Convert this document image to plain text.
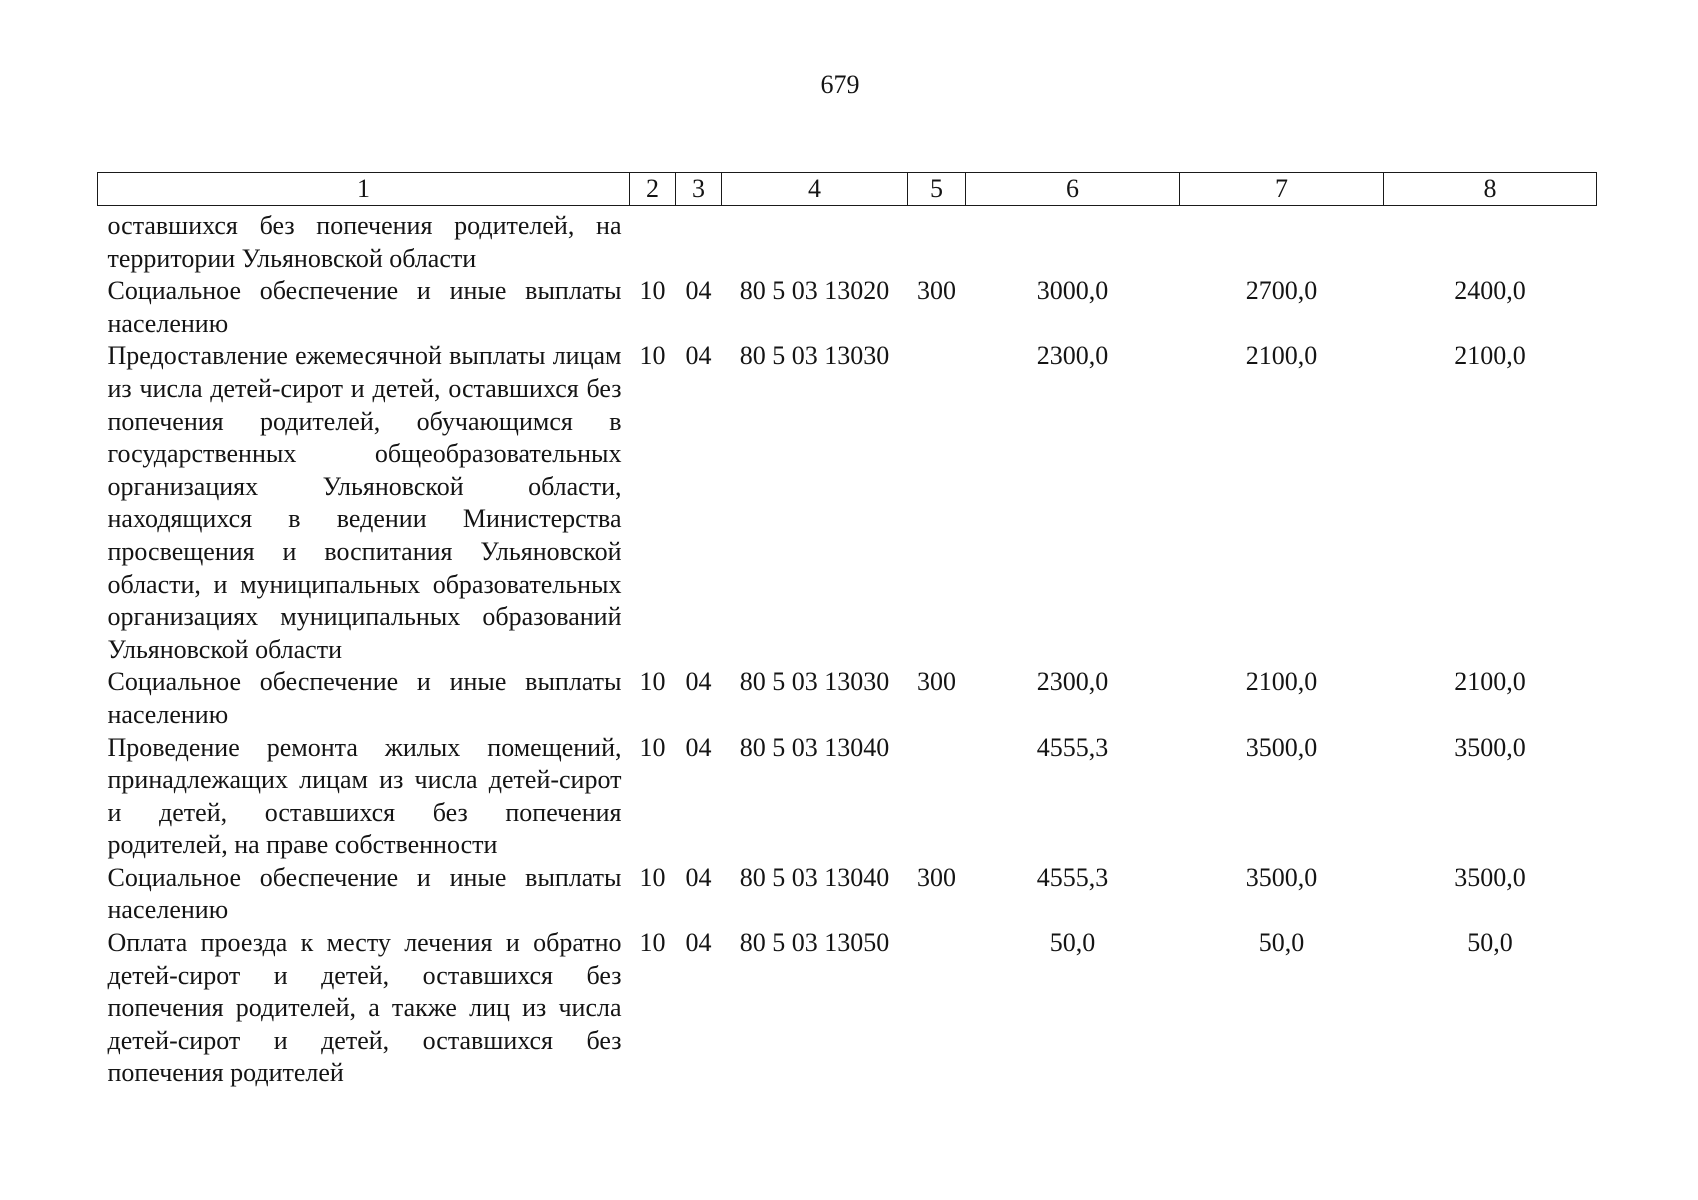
679
1	2	3	4	5	6	7	8
оставшихся без попечения родителей, на территории Ульяновской области							
Социальное обеспечение и иные выплаты населению	10	04	80 5 03 13020	300	3000,0	2700,0	2400,0
Предоставление ежемесячной выплаты лицам из числа детей-сирот и детей, оставшихся без попечения родителей, обучающимся в государственных общеобразовательных организациях Ульяновской области, находящихся в ведении Министерства просвещения и воспитания Ульяновской области, и муниципальных образовательных организациях муниципальных образований Ульяновской области	10	04	80 5 03 13030		2300,0	2100,0	2100,0
Социальное обеспечение и иные выплаты населению	10	04	80 5 03 13030	300	2300,0	2100,0	2100,0
Проведение ремонта жилых помещений, принадлежащих лицам из числа детей-сирот и детей, оставшихся без попечения родителей, на праве собственности	10	04	80 5 03 13040		4555,3	3500,0	3500,0
Социальное обеспечение и иные выплаты населению	10	04	80 5 03 13040	300	4555,3	3500,0	3500,0
Оплата проезда к месту лечения и обратно детей-сирот и детей, оставшихся без попечения родителей, а также лиц из числа детей-сирот и детей, оставшихся без попечения родителей	10	04	80 5 03 13050		50,0	50,0	50,0
